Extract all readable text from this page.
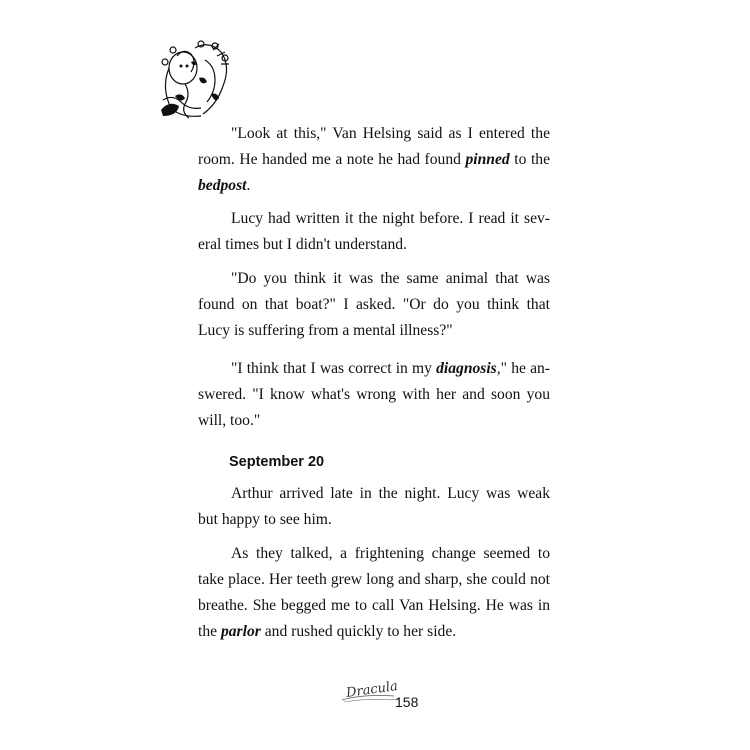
"Look at this," Van Helsing said as I entered the room. He handed me a note he had found pinned to the bedpost.
Lucy had written it the night before. I read it sev-eral times but I didn't understand.
"Do you think it was the same animal that was found on that boat?" I asked. "Or do you think that Lucy is suffering from a mental illness?"
"I think that I was correct in my diagnosis," he an-swered. "I know what's wrong with her and soon you will, too."
September 20
Arthur arrived late in the night. Lucy was weak but happy to see him.
As they talked, a frightening change seemed to take place. Her teeth grew long and sharp, she could not breathe. She begged me to call Van Helsing. He was in the parlor and rushed quickly to her side.
Dracula
158
